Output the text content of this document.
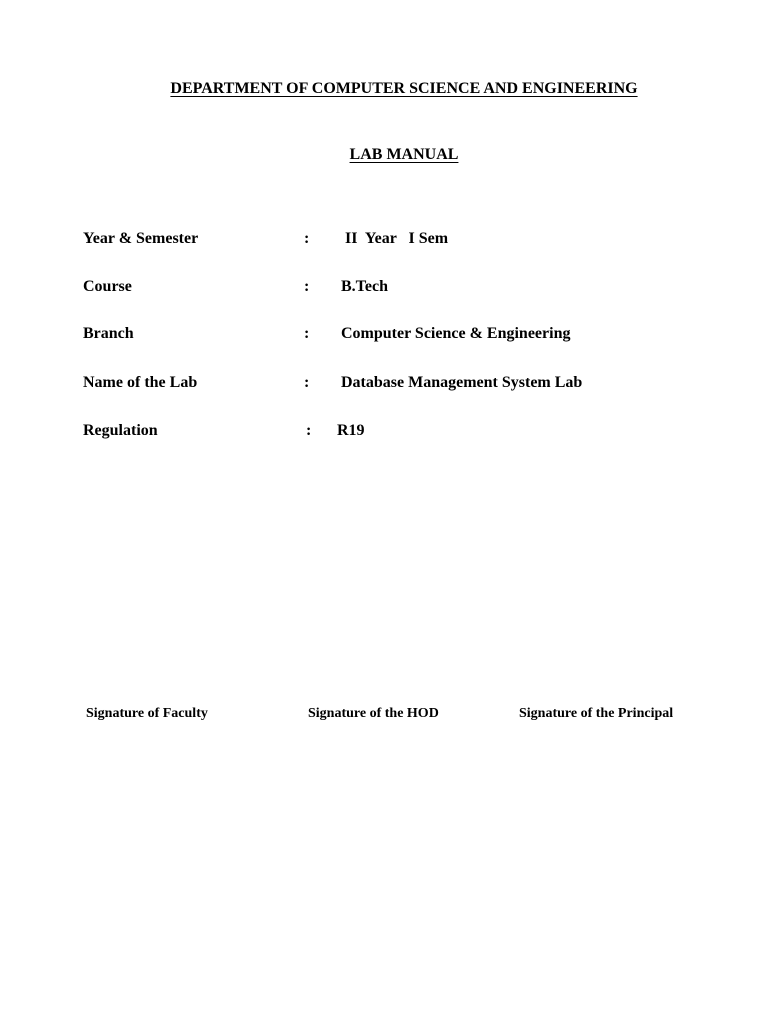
DEPARTMENT OF COMPUTER SCIENCE AND ENGINEERING
LAB MANUAL
Year & Semester	: II  Year   I Sem
Course	: B.Tech
Branch	: Computer Science & Engineering
Name of the Lab	: Database Management System Lab
Regulation	: R19
Signature of Faculty	Signature of the HOD	Signature of the Principal
